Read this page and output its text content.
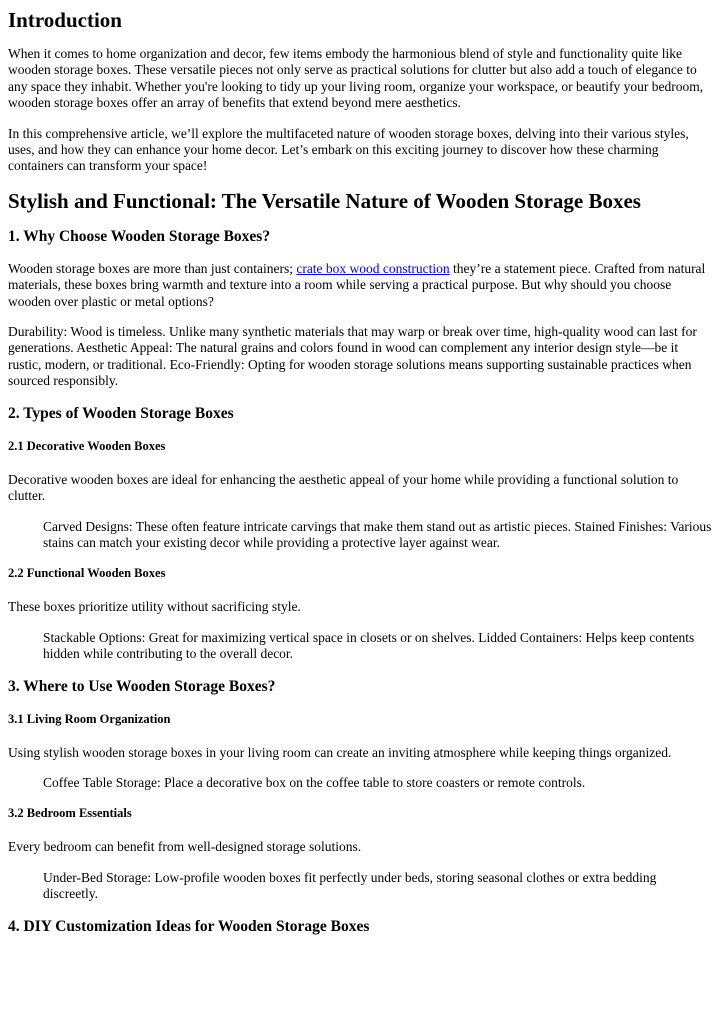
Introduction

When it comes to home organization and decor, few items embody the harmonious blend of style and functionality quite like wooden storage boxes. These versatile pieces not only serve as practical solutions for clutter but also add a touch of elegance to any space they inhabit. Whether you're looking to tidy up your living room, organize your workspace, or beautify your bedroom, wooden storage boxes offer an array of benefits that extend beyond mere aesthetics.

In this comprehensive article, we’ll explore the multifaceted nature of wooden storage boxes, delving into their various styles, uses, and how they can enhance your home decor. Let’s embark on this exciting journey to discover how these charming containers can transform your space!

Stylish and Functional: The Versatile Nature of Wooden Storage Boxes
1. Why Choose Wooden Storage Boxes?

Wooden storage boxes are more than just containers; crate box wood construction they’re a statement piece. Crafted from natural materials, these boxes bring warmth and texture into a room while serving a practical purpose. But why should you choose wooden over plastic or metal options?

Durability: Wood is timeless. Unlike many synthetic materials that may warp or break over time, high-quality wood can last for generations. Aesthetic Appeal: The natural grains and colors found in wood can complement any interior design style—be it rustic, modern, or traditional. Eco-Friendly: Opting for wooden storage solutions means supporting sustainable practices when sourced responsibly.

2. Types of Wooden Storage Boxes
2.1 Decorative Wooden Boxes

Decorative wooden boxes are ideal for enhancing the aesthetic appeal of your home while providing a functional solution to clutter.

Carved Designs: These often feature intricate carvings that make them stand out as artistic pieces. Stained Finishes: Various stains can match your existing decor while providing a protective layer against wear.
2.2 Functional Wooden Boxes

These boxes prioritize utility without sacrificing style.

Stackable Options: Great for maximizing vertical space in closets or on shelves. Lidded Containers: Helps keep contents hidden while contributing to the overall decor.
3. Where to Use Wooden Storage Boxes?
3.1 Living Room Organization

Using stylish wooden storage boxes in your living room can create an inviting atmosphere while keeping things organized.

Coffee Table Storage: Place a decorative box on the coffee table to store coasters or remote controls.
3.2 Bedroom Essentials

Every bedroom can benefit from well-designed storage solutions.

Under-Bed Storage: Low-profile wooden boxes fit perfectly under beds, storing seasonal clothes or extra bedding discreetly.
4. DIY Customization Ideas for Wooden Storage Boxes
